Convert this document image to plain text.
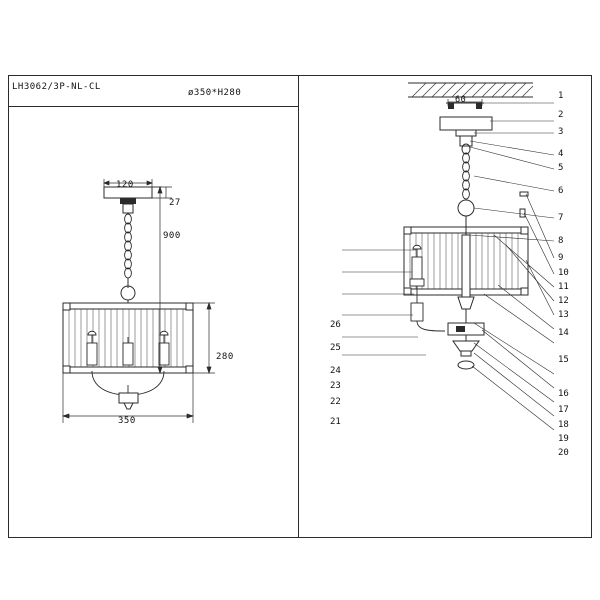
LH3062/3P-NL-CL
ø350*H280
120
27
900
280
350
60	1
2
3
4
5
6
7
8
9
10
11
12
13
14
15
16
17
18
19
20
21
22
23
24
25
26
